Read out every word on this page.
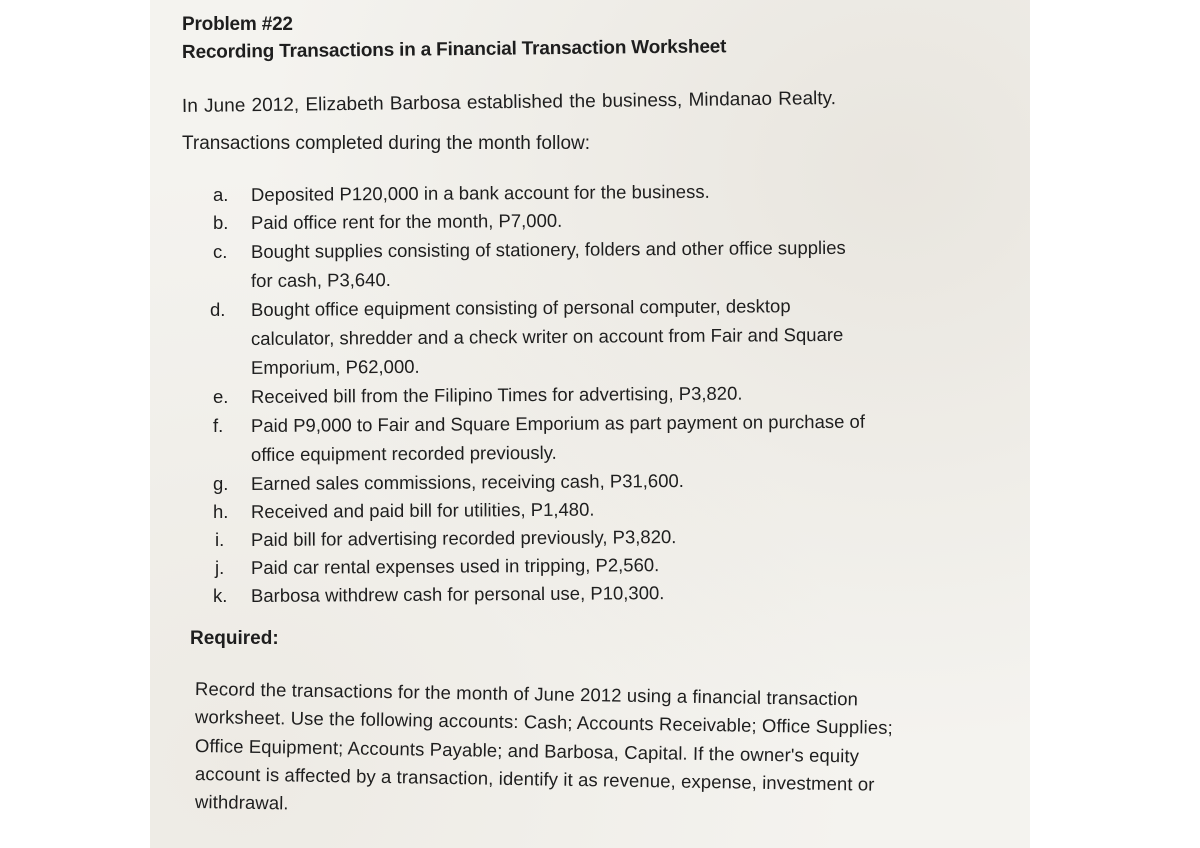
Problem #22
Recording Transactions in a Financial Transaction Worksheet
In June 2012, Elizabeth Barbosa established the business, Mindanao Realty.
Transactions completed during the month follow:
a. Deposited P120,000 in a bank account for the business.
b. Paid office rent for the month, P7,000.
c. Bought supplies consisting of stationery, folders and other office supplies
for cash, P3,640.
d. Bought office equipment consisting of personal computer, desktop
calculator, shredder and a check writer on account from Fair and Square
Emporium, P62,000.
e. Received bill from the Filipino Times for advertising, P3,820.
f. Paid P9,000 to Fair and Square Emporium as part payment on purchase of
office equipment recorded previously.
g. Earned sales commissions, receiving cash, P31,600.
h. Received and paid bill for utilities, P1,480.
i. Paid bill for advertising recorded previously, P3,820.
j. Paid car rental expenses used in tripping, P2,560.
k. Barbosa withdrew cash for personal use, P10,300.
Required:
Record the transactions for the month of June 2012 using a financial transaction
worksheet. Use the following accounts: Cash; Accounts Receivable; Office Supplies;
Office Equipment; Accounts Payable; and Barbosa, Capital. If the owner's equity
account is affected by a transaction, identify it as revenue, expense, investment or
withdrawal.
